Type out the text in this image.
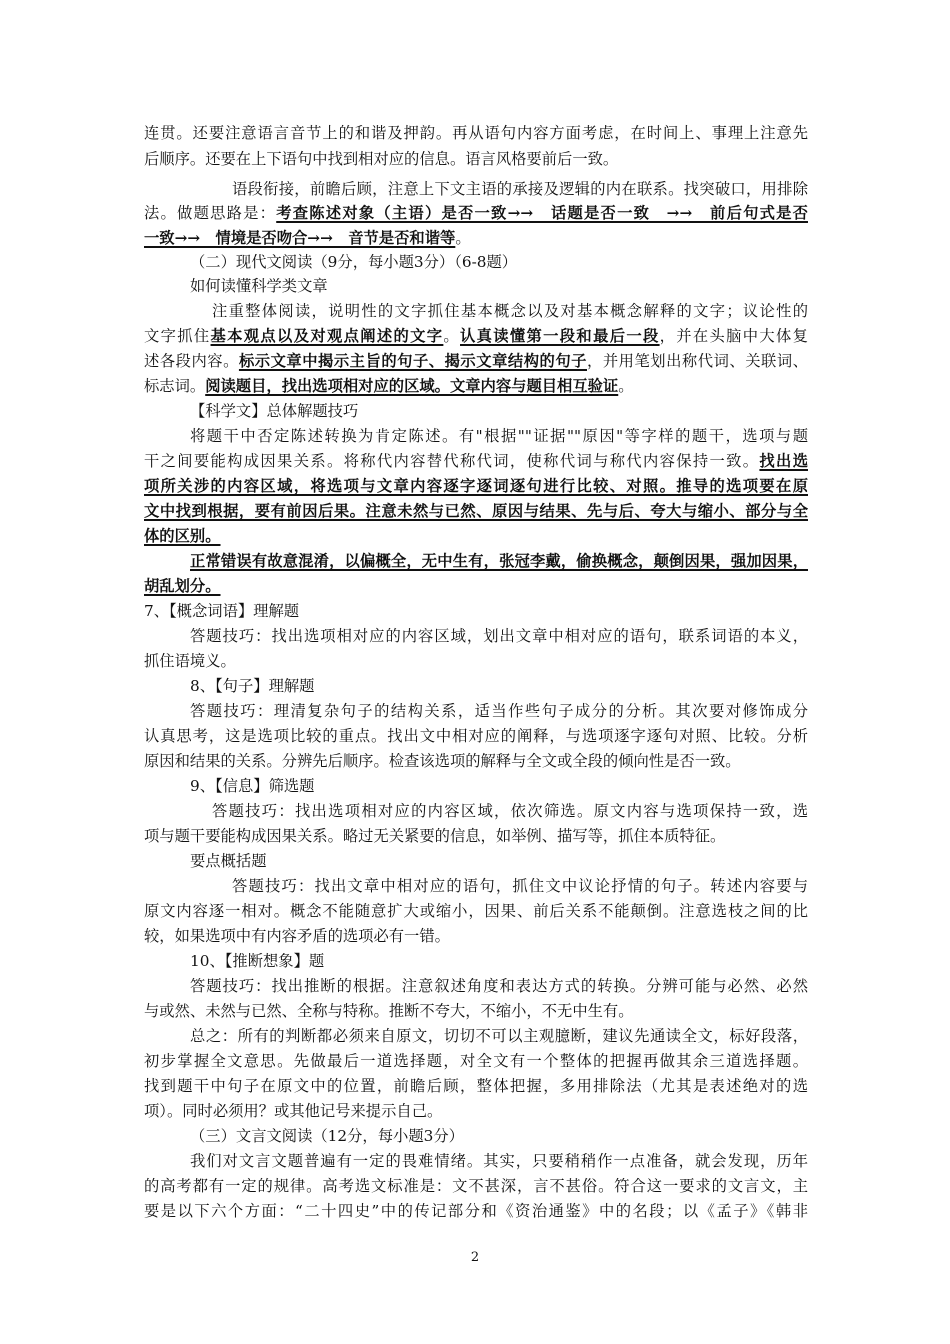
连贯。还要注意语言音节上的和谐及押韵。再从语句内容方面考虑，在时间上、事理上注意先
后顺序。还要在上下语句中找到相对应的信息。语言风格要前后一致。
语段衔接，前瞻后顾，注意上下文主语的承接及逻辑的内在联系。找突破口，用排除
法。做题思路是：考查陈述对象（主语）是否一致→→　话题是否一致　→→　前后句式是否
一致→→　情境是否吻合→→　音节是否和谐等。
（二）现代文阅读（9分，每小题3分）（6-8题）
如何读懂科学类文章
注重整体阅读，说明性的文字抓住基本概念以及对基本概念解释的文字；议论性的
文字抓住基本观点以及对观点阐述的文字。认真读懂第一段和最后一段，并在头脑中大体复
述各段内容。标示文章中揭示主旨的句子、揭示文章结构的句子，并用笔划出称代词、关联词、
标志词。阅读题目，找出选项相对应的区域。文章内容与题目相互验证。
【科学文】总体解题技巧
将题干中否定陈述转换为肯定陈述。有"根据""证据""原因"等字样的题干，选项与题
干之间要能构成因果关系。将称代内容替代称代词，使称代词与称代内容保持一致。找出选
项所关涉的内容区域，将选项与文章内容逐字逐词逐句进行比较、对照。推导的选项要在原
文中找到根据，要有前因后果。注意未然与已然、原因与结果、先与后、夸大与缩小、部分与全
体的区别。
正常错误有故意混淆，以偏概全，无中生有，张冠李戴，偷换概念，颠倒因果，强加因果，
胡乱划分。
7、【概念词语】理解题
答题技巧：找出选项相对应的内容区域，划出文章中相对应的语句，联系词语的本义，
抓住语境义。
8、【句子】理解题
答题技巧：理清复杂句子的结构关系，适当作些句子成分的分析。其次要对修饰成分
认真思考，这是选项比较的重点。找出文中相对应的阐释，与选项逐字逐句对照、比较。分析
原因和结果的关系。分辨先后顺序。检查该选项的解释与全文或全段的倾向性是否一致。
9、【信息】筛选题
答题技巧：找出选项相对应的内容区域，依次筛选。原文内容与选项保持一致，选
项与题干要能构成因果关系。略过无关紧要的信息，如举例、描写等，抓住本质特征。
要点概括题
答题技巧：找出文章中相对应的语句，抓住文中议论抒情的句子。转述内容要与
原文内容逐一相对。概念不能随意扩大或缩小，因果、前后关系不能颠倒。注意选枝之间的比
较，如果选项中有内容矛盾的选项必有一错。
10、【推断想象】题
答题技巧：找出推断的根据。注意叙述角度和表达方式的转换。分辨可能与必然、必然
与或然、未然与已然、全称与特称。推断不夸大，不缩小，不无中生有。
总之：所有的判断都必须来自原文，切切不可以主观臆断，建议先通读全文，标好段落，
初步掌握全文意思。先做最后一道选择题，对全文有一个整体的把握再做其余三道选择题。
找到题干中句子在原文中的位置，前瞻后顾，整体把握，多用排除法（尤其是表述绝对的选
项）。同时必须用？或其他记号来提示自己。
（三）文言文阅读（12分，每小题3分）
我们对文言文题普遍有一定的畏难情绪。其实，只要稍稍作一点准备，就会发现，历年
的高考都有一定的规律。高考选文标准是：文不甚深，言不甚俗。符合这一要求的文言文，主
要是以下六个方面：“二十四史”中的传记部分和《资治通鉴》中的名段；以《孟子》《韩非
2
